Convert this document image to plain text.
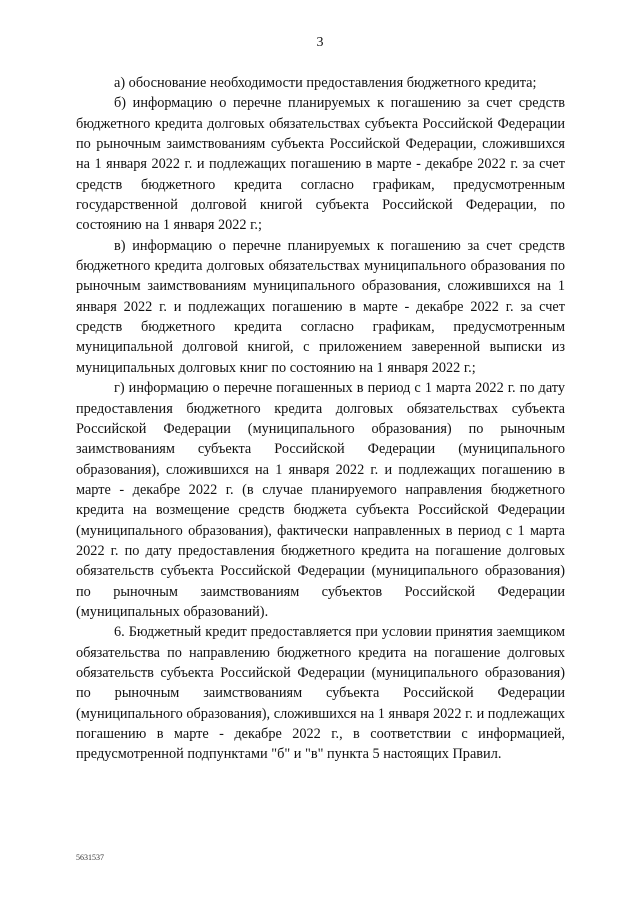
3

а) обоснование необходимости предоставления бюджетного кредита;

б) информацию о перечне планируемых к погашению за счет средств бюджетного кредита долговых обязательствах субъекта Российской Федерации по рыночным заимствованиям субъекта Российской Федерации, сложившихся на 1 января 2022 г. и подлежащих погашению в марте - декабре 2022 г. за счет средств бюджетного кредита согласно графикам, предусмотренным государственной долговой книгой субъекта Российской Федерации, по состоянию на 1 января 2022 г.;

в) информацию о перечне планируемых к погашению за счет средств бюджетного кредита долговых обязательствах муниципального образования по рыночным заимствованиям муниципального образования, сложившихся на 1 января 2022 г. и подлежащих погашению в марте - декабре 2022 г. за счет средств бюджетного кредита согласно графикам, предусмотренным муниципальной долговой книгой, с приложением заверенной выписки из муниципальных долговых книг по состоянию на 1 января 2022 г.;

г) информацию о перечне погашенных в период с 1 марта 2022 г. по дату предоставления бюджетного кредита долговых обязательствах субъекта Российской Федерации (муниципального образования) по рыночным заимствованиям субъекта Российской Федерации (муниципального образования), сложившихся на 1 января 2022 г. и подлежащих погашению в марте - декабре 2022 г. (в случае планируемого направления бюджетного кредита на возмещение средств бюджета субъекта Российской Федерации (муниципального образования), фактически направленных в период с 1 марта 2022 г. по дату предоставления бюджетного кредита на погашение долговых обязательств субъекта Российской Федерации (муниципального образования) по рыночным заимствованиям субъектов Российской Федерации (муниципальных образований).

6. Бюджетный кредит предоставляется при условии принятия заемщиком обязательства по направлению бюджетного кредита на погашение долговых обязательств субъекта Российской Федерации (муниципального образования) по рыночным заимствованиям субъекта Российской Федерации (муниципального образования), сложившихся на 1 января 2022 г. и подлежащих погашению в марте - декабре 2022 г., в соответствии с информацией, предусмотренной подпунктами "б" и "в" пункта 5 настоящих Правил.

5631537
